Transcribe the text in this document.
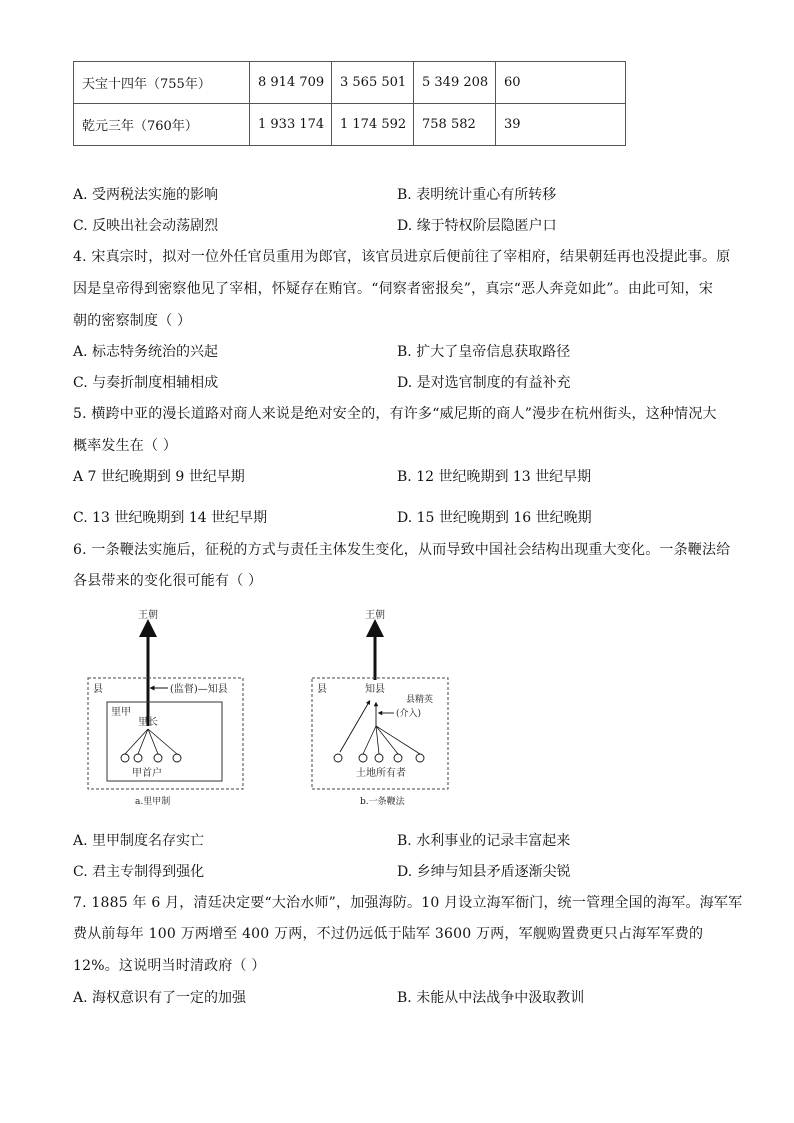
天宝十四年（755年）	8 914 709	3 565 501	5 349 208	60
乾元三年（760年）	1 933 174	1 174 592	758 582	39
A. 受两税法实施的影响	B. 表明统计重心有所转移
C. 反映出社会动荡剧烈	D. 缘于特权阶层隐匿户口
4. 宋真宗时，拟对一位外任官员重用为郎官，该官员进京后便前往了宰相府，结果朝廷再也没提此事。原
因是皇帝得到密察他见了宰相，怀疑存在贿官。“伺察者密报矣”，真宗“恶人奔竞如此”。由此可知，宋
朝的密察制度（ ）
A. 标志特务统治的兴起	B. 扩大了皇帝信息获取路径
C. 与奏折制度相辅相成	D. 是对选官制度的有益补充
5. 横跨中亚的漫长道路对商人来说是绝对安全的，有许多“威尼斯的商人”漫步在杭州街头，这种情况大
概率发生在（ ）
A 7 世纪晚期到 9 世纪早期	B. 12 世纪晚期到 13 世纪早期
C. 13 世纪晚期到 14 世纪早期	D. 15 世纪晚期到 16 世纪晚期
6. 一条鞭法实施后，征税的方式与责任主体发生变化，从而导致中国社会结构出现重大变化。一条鞭法给
各县带来的变化很可能有（ ）
王朝
县	(监督)—知县
里甲
里长
甲首户
a.里甲制
王朝
县	知县
县精英
(介入)
土地所有者
b.一条鞭法
A. 里甲制度名存实亡	B. 水利事业的记录丰富起来
C. 君主专制得到强化	D. 乡绅与知县矛盾逐渐尖锐
7. 1885 年 6 月，清廷决定要“大治水师”，加强海防。10 月设立海军衙门，统一管理全国的海军。海军军
费从前每年 100 万两增至 400 万两，不过仍远低于陆军 3600 万两，军舰购置费更只占海军军费的
12%。这说明当时清政府（ ）
A. 海权意识有了一定的加强	B. 未能从中法战争中汲取教训
